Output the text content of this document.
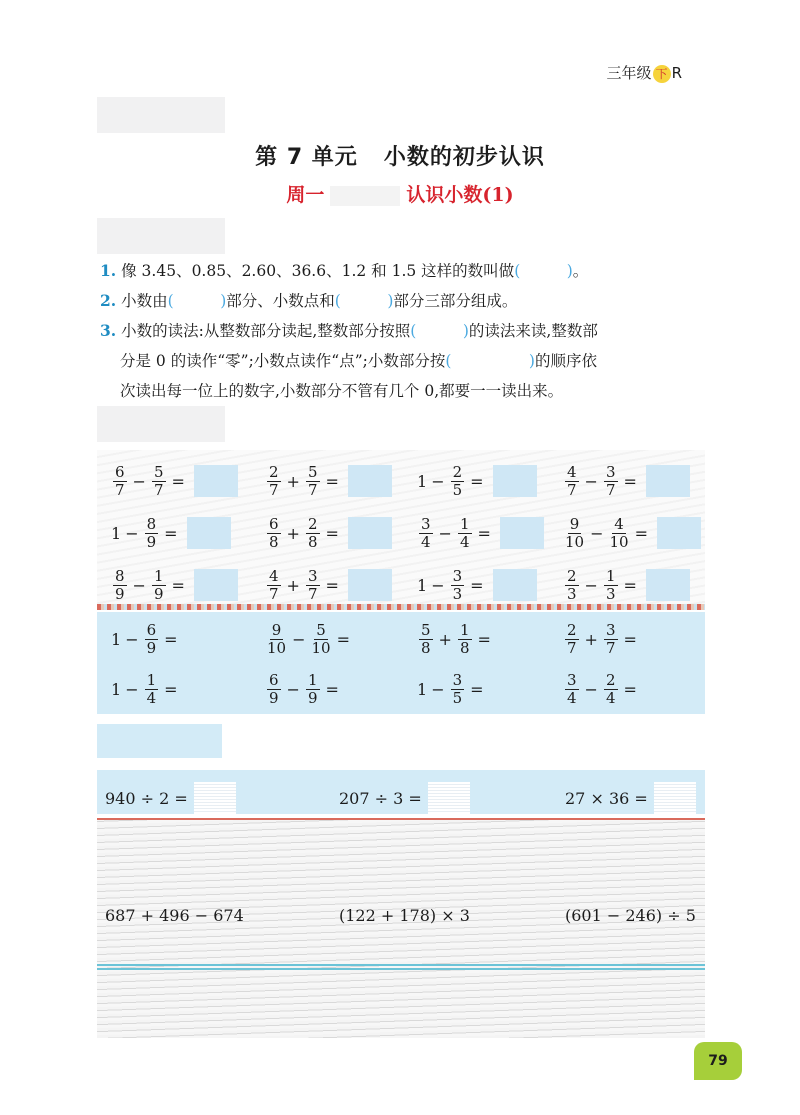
三年级 下 R
第 7 单元 小数的初步认识
周一	认识小数(1)
1. 像 3.45、0.85、2.60、36.6、1.2 和 1.5 这样的数叫做(　　　)。
2. 小数由(　　　)部分、小数点和(　　　)部分三部分组成。
3. 小数的读法:从整数部分读起,整数部分按照(　　　)的读法来读,整数部
分是 0 的读作“零”;小数点读作“点”;小数部分按(　　　　　)的顺序依
次读出每一位上的数字,小数部分不管有几个 0,都要一一读出来。
$\frac{6}{7} - \frac{5}{7}$ =	$\frac{2}{7} + \frac{5}{7}$ =	$1 - \frac{2}{5}$ =	$\frac{4}{7} - \frac{3}{7}$ =
$1 - \frac{8}{9}$ =	$\frac{6}{8} + \frac{2}{8}$ =	$\frac{3}{4} - \frac{1}{4}$ =	$\frac{9}{10} - \frac{4}{10}$ =
$\frac{8}{9} - \frac{1}{9}$ =	$\frac{4}{7} + \frac{3}{7}$ =	$1 - \frac{3}{3}$ =	$\frac{2}{3} - \frac{1}{3}$ =
$1 - \frac{6}{9}$ =	$\frac{9}{10} - \frac{5}{10}$ =	$\frac{5}{8} + \frac{1}{8}$ =	$\frac{2}{7} + \frac{3}{7}$ =
$1 - \frac{1}{4}$ =	$\frac{6}{9} - \frac{1}{9}$ =	$1 - \frac{3}{5}$ =	$\frac{3}{4} - \frac{2}{4}$ =
940 ÷ 2 =	207 ÷ 3 =	27 × 36 =
687 + 496 − 674	(122 + 178) × 3	(601 − 246) ÷ 5
79
